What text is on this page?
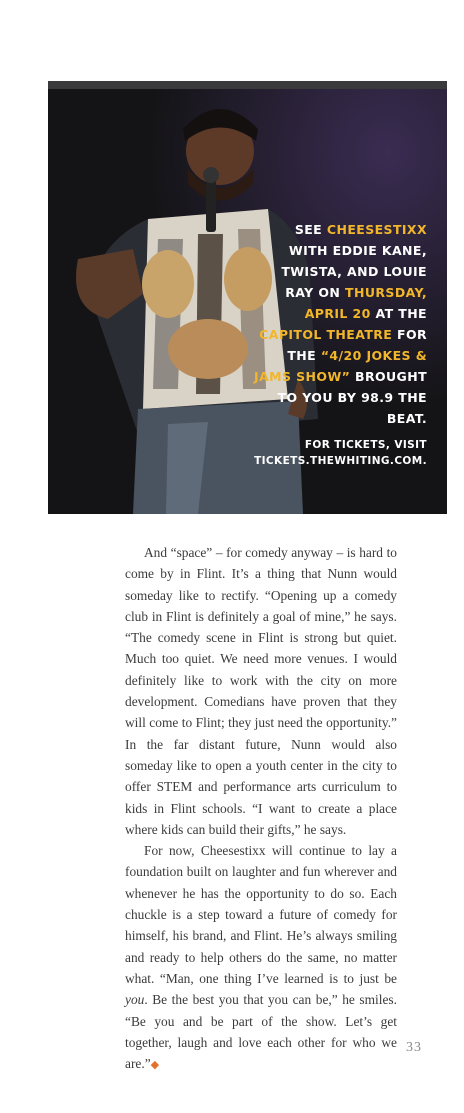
SEE CHEESESTIXX WITH EDDIE KANE, TWISTA, AND LOUIE RAY ON THURSDAY, APRIL 20 AT THE CAPITOL THEATRE FOR THE “4/20 JOKES & JAMS SHOW” BROUGHT TO YOU BY 98.9 THE BEAT.
FOR TICKETS, VISIT
TICKETS.THEWHITING.COM.

And “space” – for comedy anyway – is hard to come by in Flint. It’s a thing that Nunn would someday like to rectify. “Opening up a comedy club in Flint is definitely a goal of mine,” he says. “The comedy scene in Flint is strong but quiet. Much too quiet. We need more venues. I would definitely like to work with the city on more development. Comedians have proven that they will come to Flint; they just need the opportunity.” In the far distant future, Nunn would also someday like to open a youth center in the city to offer STEM and performance arts curriculum to kids in Flint schools. “I want to create a place where kids can build their gifts,” he says.

For now, Cheesestixx will continue to lay a foundation built on laughter and fun wherever and whenever he has the opportunity to do so. Each chuckle is a step toward a future of comedy for himself, his brand, and Flint. He’s always smiling and ready to help others do the same, no matter what. “Man, one thing I’ve learned is to just be you. Be the best you that you can be,” he smiles. “Be you and be part of the show. Let’s get together, laugh and love each other for who we are.”◆

33
